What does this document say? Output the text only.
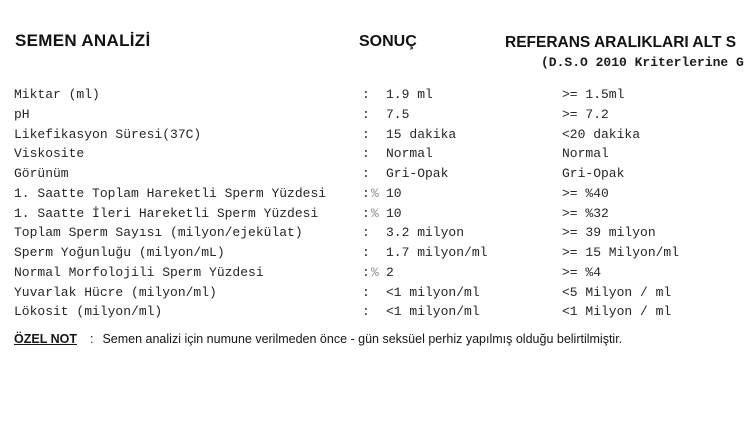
SEMEN ANALİZİ	SONUÇ	REFERANS ARALIKLARI ALT S
(D.S.O 2010 Kriterlerine G
Miktar (ml)	: 1.9 ml	>= 1.5ml
pH	: 7.5	>= 7.2
Likefikasyon Süresi(37C)	: 15 dakika	<20 dakika
Viskosite	: Normal	Normal
Görünüm	: Gri-Opak	Gri-Opak
1. Saatte Toplam Hareketli Sperm Yüzdesi	: % 10	>= %40
1. Saatte İleri Hareketli Sperm Yüzdesi	: % 10	>= %32
Toplam Sperm Sayısı (milyon/ejekülat)	: 3.2 milyon	>= 39 milyon
Sperm Yoğunluğu (milyon/mL)	: 1.7 milyon/ml	>= 15 Milyon/ml
Normal Morfolojili Sperm Yüzdesi	: % 2	>= %4
Yuvarlak Hücre (milyon/ml)	: <1 milyon/ml	<5 Milyon / ml
Lökosit (milyon/ml)	: <1 milyon/ml	<1 Milyon / ml
ÖZEL NOT : Semen analizi için numune verilmeden önce - gün seksüel perhiz yapılmış olduğu belirtilmiştir.
